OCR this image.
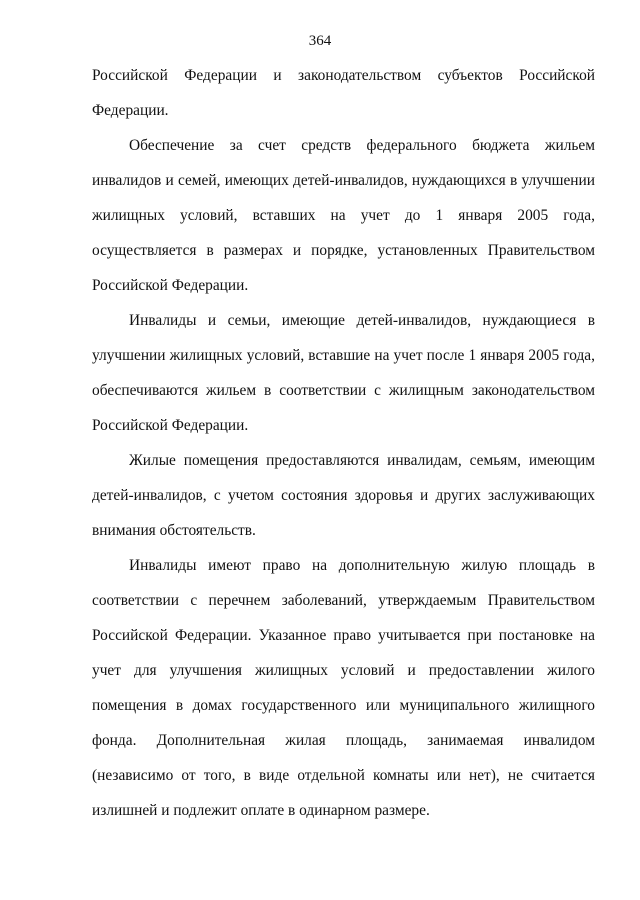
364

Российской Федерации и законодательством субъектов Российской Федерации.

Обеспечение за счет средств федерального бюджета жильем инвалидов и семей, имеющих детей-инвалидов, нуждающихся в улучшении жилищных условий, вставших на учет до 1 января 2005 года, осуществляется в размерах и порядке, установленных Правительством Российской Федерации.

Инвалиды и семьи, имеющие детей-инвалидов, нуждающиеся в улучшении жилищных условий, вставшие на учет после 1 января 2005 года, обеспечиваются жильем в соответствии с жилищным законодательством Российской Федерации.

Жилые помещения предоставляются инвалидам, семьям, имеющим детей-инвалидов, с учетом состояния здоровья и других заслуживающих внимания обстоятельств.

Инвалиды имеют право на дополнительную жилую площадь в соответствии с перечнем заболеваний, утверждаемым Правительством Российской Федерации. Указанное право учитывается при постановке на учет для улучшения жилищных условий и предоставлении жилого помещения в домах государственного или муниципального жилищного фонда. Дополнительная жилая площадь, занимаемая инвалидом (независимо от того, в виде отдельной комнаты или нет), не считается излишней и подлежит оплате в одинарном размере.
